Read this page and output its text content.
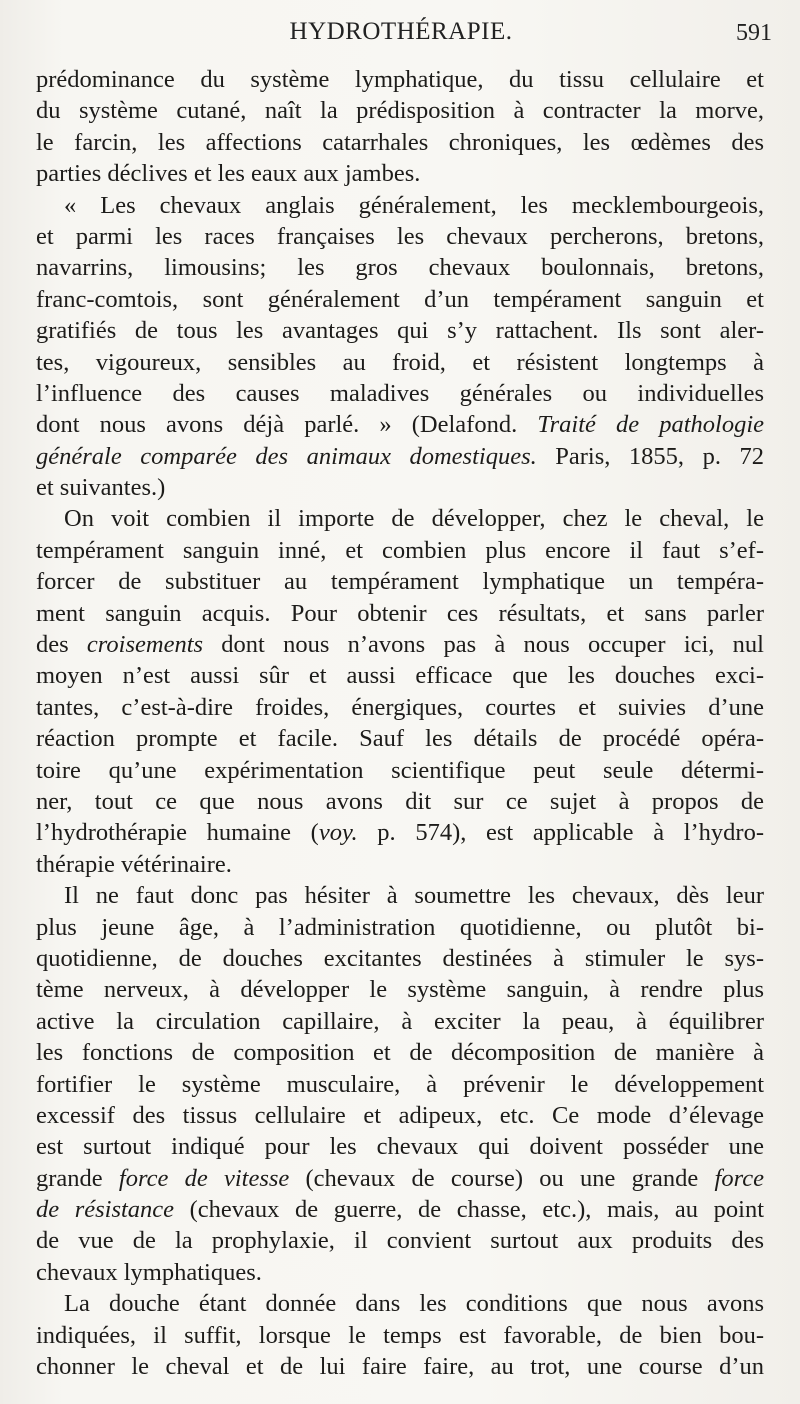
HYDROTHÉRAPIE.	591
prédominance du système lymphatique, du tissu cellulaire et
du système cutané, naît la prédisposition à contracter la morve,
le farcin, les affections catarrhales chroniques, les œdèmes des
parties déclives et les eaux aux jambes.
« Les chevaux anglais généralement, les mecklembourgeois,
et parmi les races françaises les chevaux percherons, bretons,
navarrins, limousins; les gros chevaux boulonnais, bretons,
franc-comtois, sont généralement d’un tempérament sanguin et
gratifiés de tous les avantages qui s’y rattachent. Ils sont aler-
tes, vigoureux, sensibles au froid, et résistent longtemps à
l’influence des causes maladives générales ou individuelles
dont nous avons déjà parlé. » (Delafond. Traité de pathologie
générale comparée des animaux domestiques. Paris, 1855, p. 72
et suivantes.)
On voit combien il importe de développer, chez le cheval, le
tempérament sanguin inné, et combien plus encore il faut s’ef-
forcer de substituer au tempérament lymphatique un tempéra-
ment sanguin acquis. Pour obtenir ces résultats, et sans parler
des croisements dont nous n’avons pas à nous occuper ici, nul
moyen n’est aussi sûr et aussi efficace que les douches exci-
tantes, c’est-à-dire froides, énergiques, courtes et suivies d’une
réaction prompte et facile. Sauf les détails de procédé opéra-
toire qu’une expérimentation scientifique peut seule détermi-
ner, tout ce que nous avons dit sur ce sujet à propos de
l’hydrothérapie humaine (voy. p. 574), est applicable à l’hydro-
thérapie vétérinaire.
Il ne faut donc pas hésiter à soumettre les chevaux, dès leur
plus jeune âge, à l’administration quotidienne, ou plutôt bi-
quotidienne, de douches excitantes destinées à stimuler le sys-
tème nerveux, à développer le système sanguin, à rendre plus
active la circulation capillaire, à exciter la peau, à équilibrer
les fonctions de composition et de décomposition de manière à
fortifier le système musculaire, à prévenir le développement
excessif des tissus cellulaire et adipeux, etc. Ce mode d’élevage
est surtout indiqué pour les chevaux qui doivent posséder une
grande force de vitesse (chevaux de course) ou une grande force
de résistance (chevaux de guerre, de chasse, etc.), mais, au point
de vue de la prophylaxie, il convient surtout aux produits des
chevaux lymphatiques.
La douche étant donnée dans les conditions que nous avons
indiquées, il suffit, lorsque le temps est favorable, de bien bou-
chonner le cheval et de lui faire faire, au trot, une course d’un
